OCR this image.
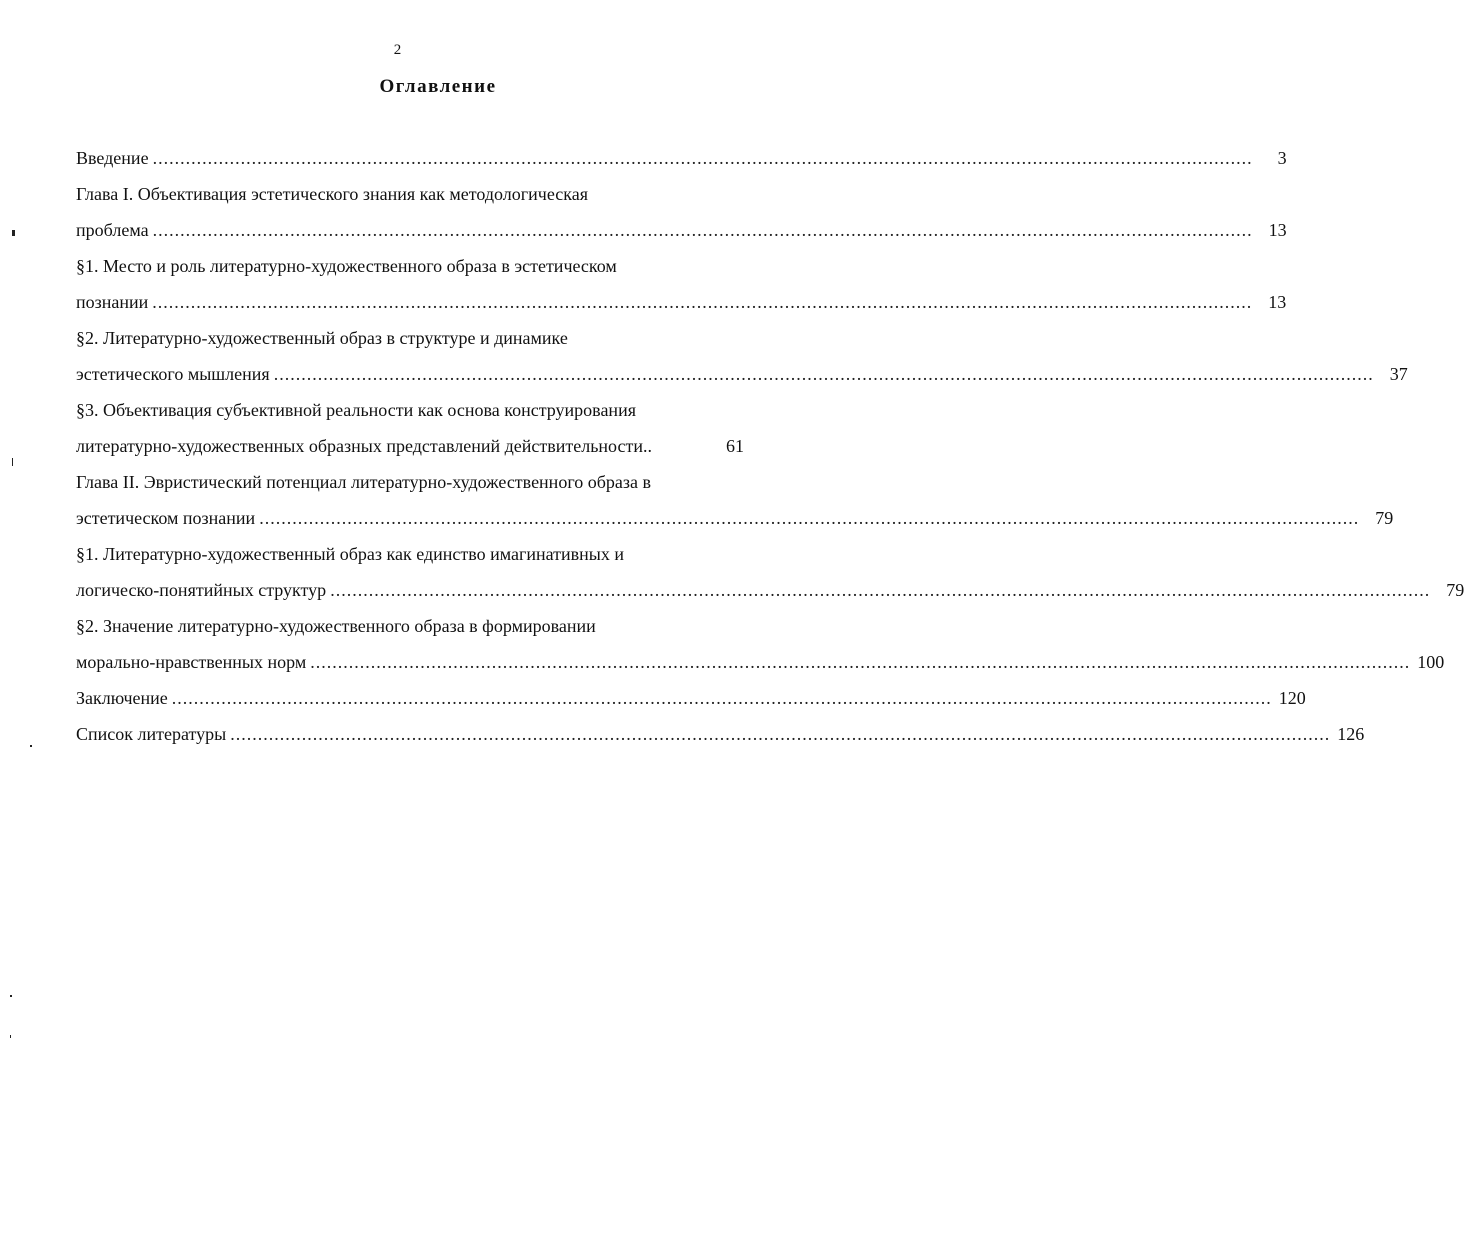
2
Оглавление
Введение ........................................................................................................................................................................................................	3
Глава I. Объективация эстетического знания как методологическая
проблема ........................................................................................................................................................................................................ 13
§1. Место и роль литературно-художественного образа в эстетическом
познании ........................................................................................................................................................................................................ 13
§2. Литературно-художественный образ в структуре и динамике
эстетического мышления ........................................................................................................................................................................................................ 37
§3. Объективация субъективной реальности как основа конструирования
литературно-художественных образных представлений действительности..	61
Глава II. Эвристический потенциал литературно-художественного образа в
эстетическом познании ........................................................................................................................................................................................................ 79
§1. Литературно-художественный образ как единство имагинативных и
логическо-понятийных структур ........................................................................................................................................................................................................ 79
§2. Значение литературно-художественного образа в формировании
морально-нравственных норм ........................................................................................................................................................................................................ 100
Заключение ........................................................................................................................................................................................................ 120
Список литературы ........................................................................................................................................................................................................ 126
